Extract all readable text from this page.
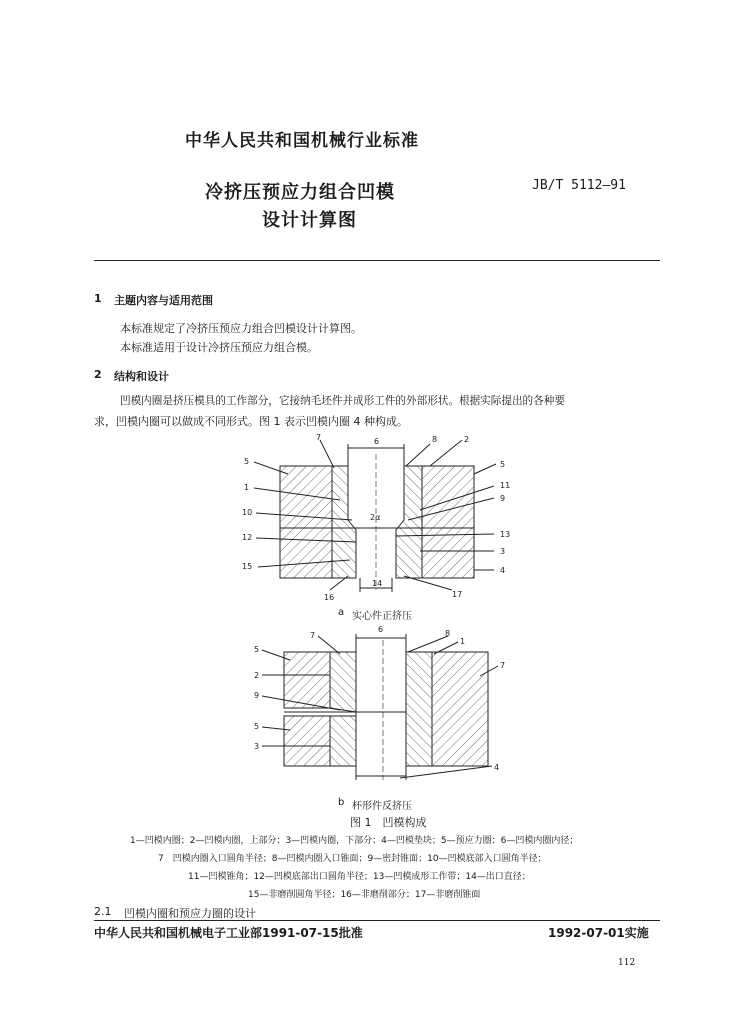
中华人民共和国机械行业标准
冷挤压预应力组合凹模
设计计算图
JB/T 5112—91
1 主题内容与适用范围
本标准规定了冷挤压预应力组合凹模设计计算图。
本标准适用于设计冷挤压预应力组合模。
2 结构和设计
凹模内圈是挤压模具的工作部分，它接纳毛坯件并成形工件的外部形状。根据实际提出的各种要
求，凹模内圈可以做成不同形式。图 1 表示凹模内圈 4 种构成。
7	6	8	2
5	5
1	11
9
10
2α
13
12
3
15	4
14
16	17
7
6	8
1
5
7
2
9
5
3
4
a 实心件正挤压
b 杯形件反挤压
图 1　凹模构成
1—凹模内圈；2—凹模内圈，上部分；3—凹模内圈，下部分；4—凹模垫块；5—预应力圈；6—凹模内圈内径；
7　凹模内圈入口圆角半径；8—凹模内圈入口锥面；9—密封锥面；10—凹模底部入口圆角半径；
11—凹模锥角；12—凹模底部出口圆角半径；13—凹模成形工作带；14—出口直径；
15—非磨削圆角半径；16—非磨削部分；17—非磨削锥面
2.1 凹模内圈和预应力圈的设计
中华人民共和国机械电子工业部1991-07-15批准	1992-07-01实施
112
